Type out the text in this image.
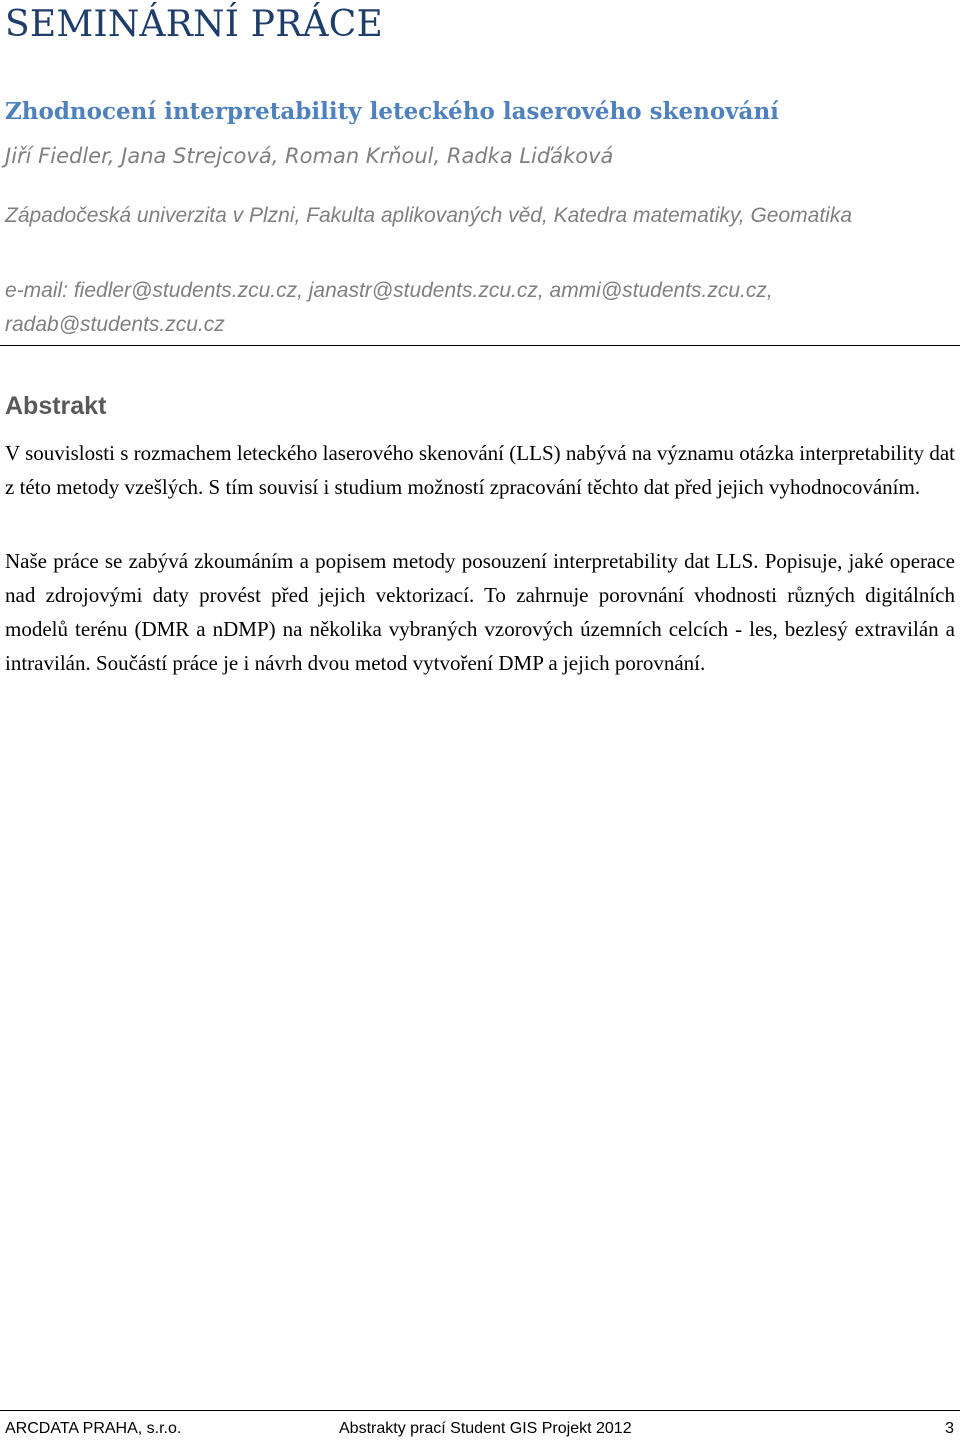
SEMINÁRNÍ PRÁCE
Zhodnocení interpretability leteckého laserového skenování

Jiří Fiedler, Jana Strejcová, Roman Krňoul, Radka Liďáková

Západočeská univerzita v Plzni, Fakulta aplikovaných věd, Katedra matematiky, Geomatika

e-mail: fiedler@students.zcu.cz, janastr@students.zcu.cz, ammi@students.zcu.cz, radab@students.zcu.cz

Abstrakt

V souvislosti s rozmachem leteckého laserového skenování (LLS) nabývá na významu otázka interpretability dat z této metody vzešlých. S tím souvisí i studium možností zpracování těchto dat před jejich vyhodnocováním.

Naše práce se zabývá zkoumáním a popisem metody posouzení interpretability dat LLS. Popisuje, jaké operace nad zdrojovými daty provést před jejich vektorizací. To zahrnuje porovnání vhodnosti různých digitálních modelů terénu (DMR a nDMP) na několika vybraných vzorových územních celcích - les, bezlesý extravilán a intravilán. Součástí práce je i návrh dvou metod vytvoření DMP a jejich porovnání.

ARCDATA PRAHA, s.r.o.	Abstrakty prací Student GIS Projekt 2012	3
